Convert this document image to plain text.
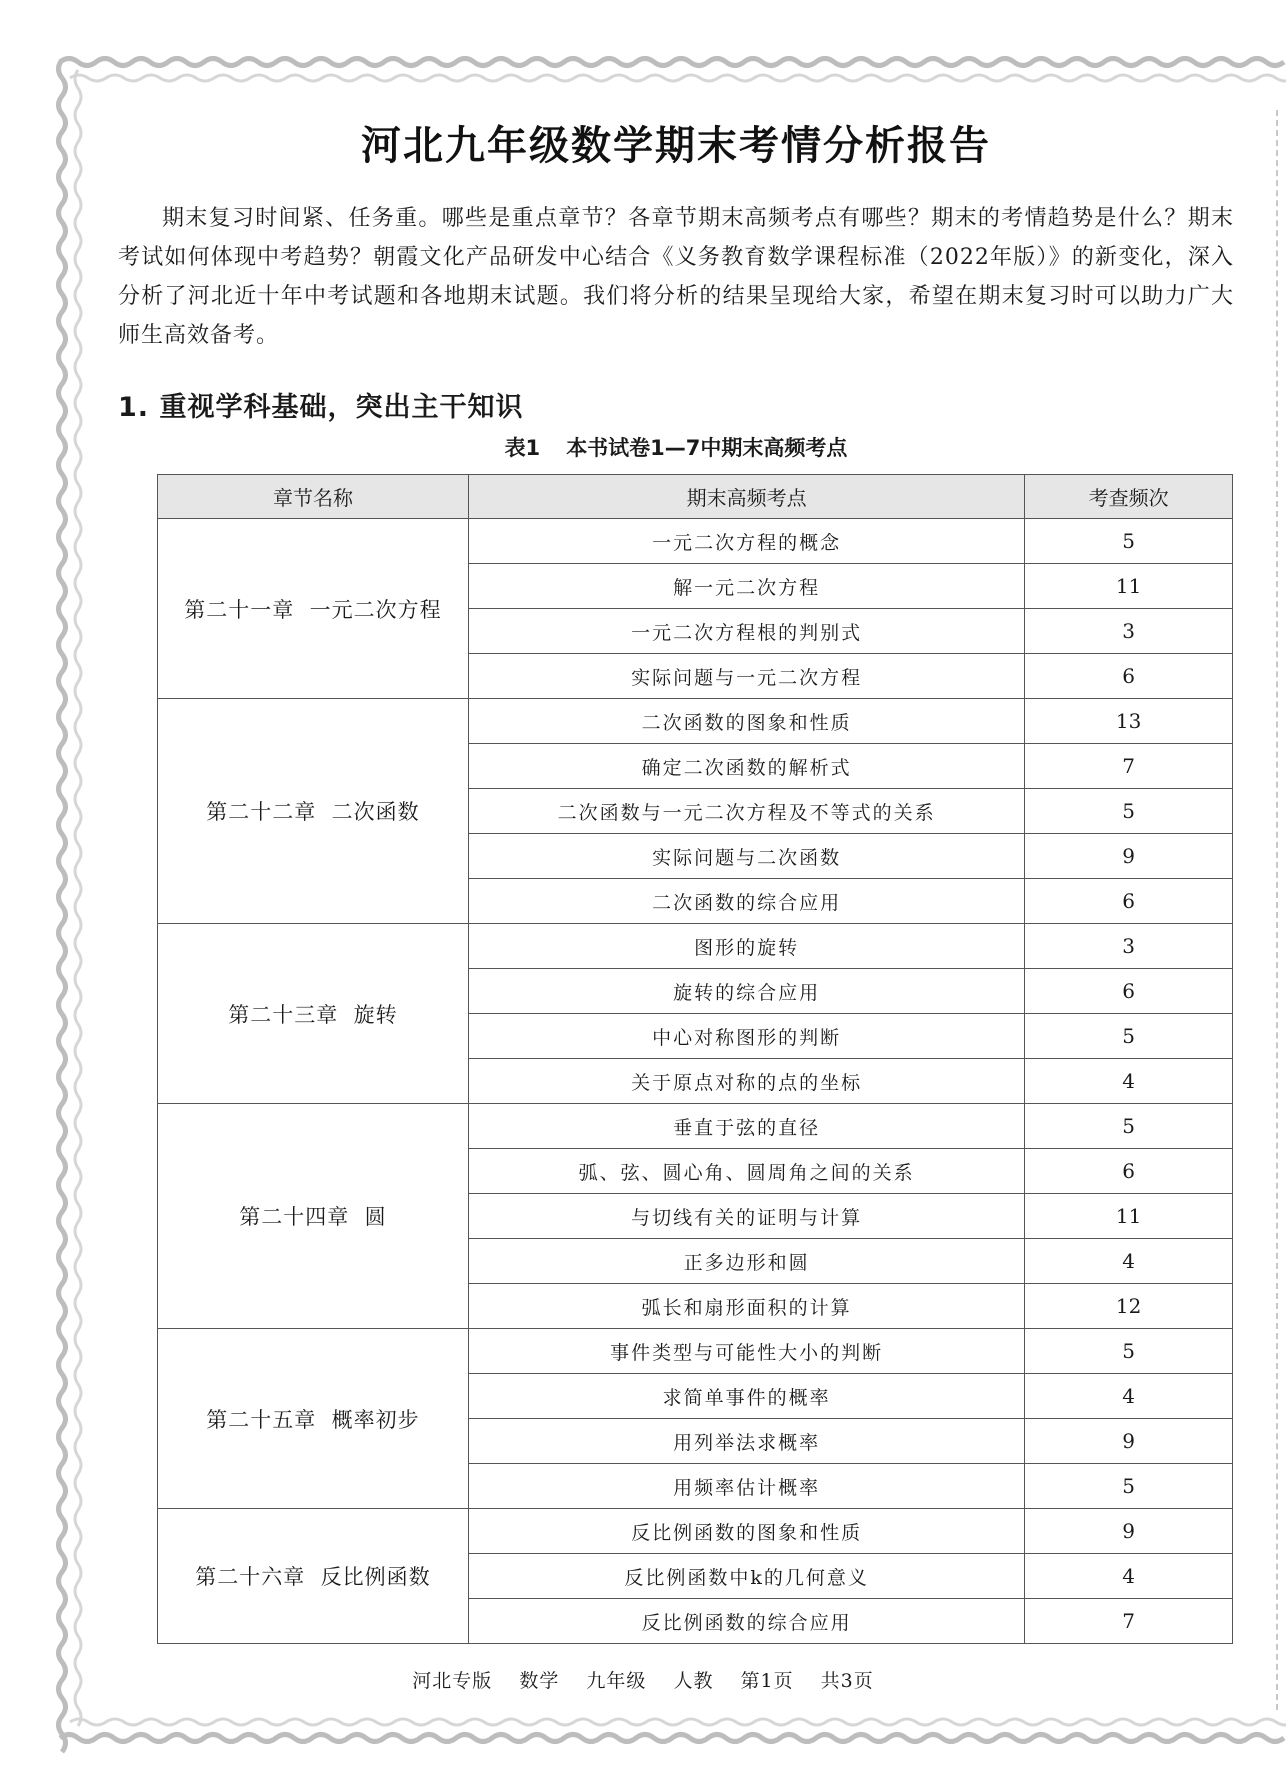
河北九年级数学期末考情分析报告

期末复习时间紧、任务重。哪些是重点章节？各章节期末高频考点有哪些？期末的考情趋势是什么？期末考试如何体现中考趋势？朝霞文化产品研发中心结合《义务教育数学课程标准（2022年版）》的新变化，深入分析了河北近十年中考试题和各地期末试题。我们将分析的结果呈现给大家，希望在期末复习时可以助力广大师生高效备考。

1. 重视学科基础，突出主干知识
表1 本书试卷1—7中期末高频考点
章节名称	期末高频考点	考查频次
第二十一章  一元二次方程	一元二次方程的概念	5
	解一元二次方程	11
	一元二次方程根的判别式	3
	实际问题与一元二次方程	6
第二十二章  二次函数	二次函数的图象和性质	13
	确定二次函数的解析式	7
	二次函数与一元二次方程及不等式的关系	5
	实际问题与二次函数	9
	二次函数的综合应用	6
第二十三章  旋转	图形的旋转	3
	旋转的综合应用	6
	中心对称图形的判断	5
	关于原点对称的点的坐标	4
第二十四章  圆	垂直于弦的直径	5
	弧、弦、圆心角、圆周角之间的关系	6
	与切线有关的证明与计算	11
	正多边形和圆	4
	弧长和扇形面积的计算	12
第二十五章  概率初步	事件类型与可能性大小的判断	5
	求简单事件的概率	4
	用列举法求概率	9
	用频率估计概率	5
第二十六章  反比例函数	反比例函数的图象和性质	9
	反比例函数中k的几何意义	4
	反比例函数的综合应用	7
河北专版 数学 九年级 人教 第1页 共3页
